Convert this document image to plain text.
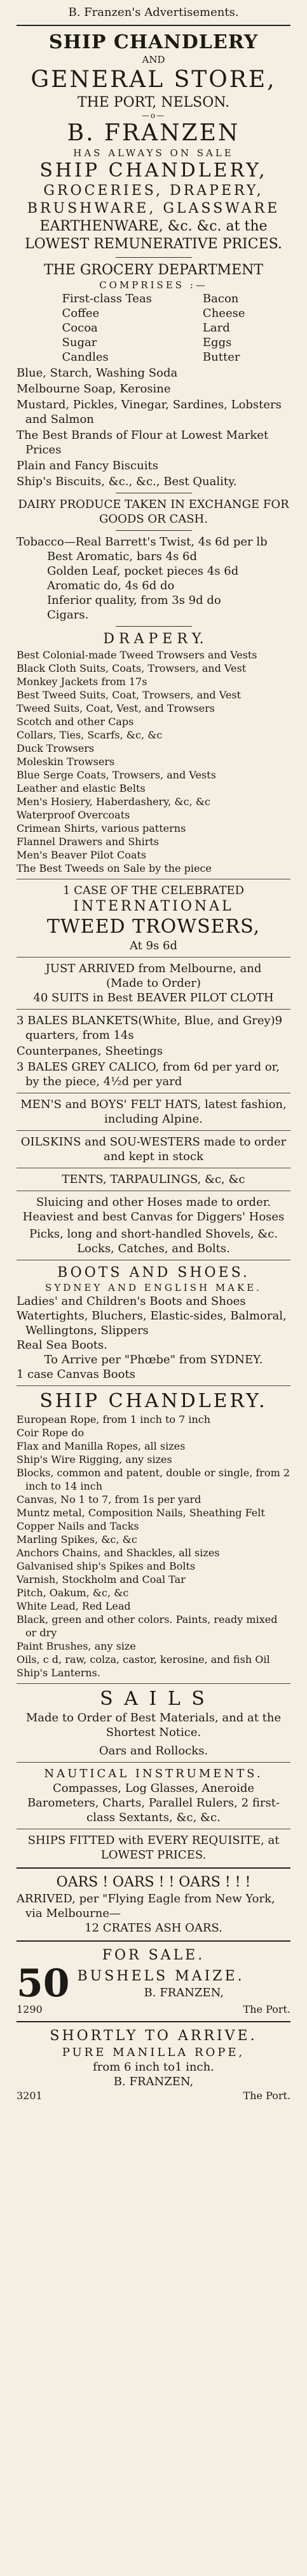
B. Franzen's Advertisements.
SHIP CHANDLERY
AND
GENERAL STORE,
THE PORT, NELSON.
—o—
B. FRANZEN
HAS ALWAYS ON SALE
SHIP CHANDLERY,
GROCERIES, DRAPERY,
BRUSHWARE, GLASSWARE
EARTHENWARE, &c. &c. at the
LOWEST REMUNERATIVE PRICES.
THE GROCERY DEPARTMENT
COMPRISES :—
First-class Teas
Coffee
Cocoa
Sugar
Candles
Bacon
Cheese
Lard
Eggs
Butter
Blue, Starch, Washing Soda
Melbourne Soap, Kerosine
Mustard, Pickles, Vinegar, Sardines, Lobsters and Salmon
The Best Brands of Flour at Lowest Market Prices
Plain and Fancy Biscuits
Ship's Biscuits, &c., &c., Best Quality.
DAIRY PRODUCE TAKEN IN EXCHANGE FOR GOODS OR CASH.
Tobacco—Real Barrett's Twist, 4s 6d per lb
Best Aromatic, bars 4s 6d
Golden Leaf, pocket pieces 4s 6d
Aromatic do, 4s 6d do
Inferior quality, from 3s 9d do
Cigars.
D R A P E R Y.
Best Colonial-made Tweed Trowsers and Vests
Black Cloth Suits, Coats, Trowsers, and Vest
Monkey Jackets from 17s
Best Tweed Suits, Coat, Trowsers, and Vest
Tweed Suits, Coat, Vest, and Trowsers
Scotch and other Caps
Collars, Ties, Scarfs, &c, &c
Duck Trowsers
Moleskin Trowsers
Blue Serge Coats, Trowsers, and Vests
Leather and elastic Belts
Men's Hosiery, Haberdashery, &c, &c
Waterproof Overcoats
Crimean Shirts, various patterns
Flannel Drawers and Shirts
Men's Beaver Pilot Coats
The Best Tweeds on Sale by the piece
1 CASE OF THE CELEBRATED
INTERNATIONAL
TWEED TROWSERS,
At 9s 6d
JUST ARRIVED from Melbourne, and
(Made to Order)
40 SUITS in Best BEAVER PILOT CLOTH
3 BALES BLANKETS(White, Blue, and Grey)9 quarters, from 14s
Counterpanes, Sheetings
3 BALES GREY CALICO, from 6d per yard or, by the piece, 4½d per yard
MEN'S and BOYS' FELT HATS, latest fashion, including Alpine.
OILSKINS and SOU-WESTERS made to order and kept in stock
TENTS, TARPAULINGS, &c, &c
Sluicing and other Hoses made to order. Heaviest and best Canvas for Diggers' Hoses
Picks, long and short-handled Shovels, &c. Locks, Catches, and Bolts.
BOOTS AND SHOES.
SYDNEY AND ENGLISH MAKE.
Ladies' and Children's Boots and Shoes
Watertights, Bluchers, Elastic-sides, Balmoral, Wellingtons, Slippers
Real Sea Boots.
To Arrive per "Phœbe" from SYDNEY.
1 case Canvas Boots
SHIP CHANDLERY.
European Rope, from 1 inch to 7 inch
Coir Rope do
Flax and Manilla Ropes, all sizes
Ship's Wire Rigging, any sizes
Blocks, common and patent, double or single, from 2 inch to 14 inch
Canvas, No 1 to 7, from 1s per yard
Muntz metal, Composition Nails, Sheathing Felt
Copper Nails and Tacks
Marling Spikes, &c, &c
Anchors Chains, and Shackles, all sizes
Galvanised ship's Spikes and Bolts
Varnish, Stockholm and Coal Tar
Pitch, Oakum, &c, &c
White Lead, Red Lead
Black, green and other colors. Paints, ready mixed or dry
Paint Brushes, any size
Oils, c d, raw, colza, castor, kerosine, and fish Oil
Ship's Lanterns.
S A I L S
Made to Order of Best Materials, and at the Shortest Notice.
Oars and Rollocks.
NAUTICAL INSTRUMENTS.
Compasses, Log Glasses, Aneroide Barometers, Charts, Parallel Rulers, 2 first-class Sextants, &c, &c.
SHIPS FITTED with EVERY REQUISITE, at LOWEST PRICES.
OARS ! OARS ! ! OARS ! ! !
ARRIVED, per "Flying Eagle from New York, via Melbourne—
12 CRATES ASH OARS.
FOR SALE.
50 BUSHELS MAIZE.
B. FRANZEN,
1290	The Port.
SHORTLY TO ARRIVE.
PURE MANILLA ROPE,
from 6 inch to1 inch.
B. FRANZEN,
3201	The Port.
